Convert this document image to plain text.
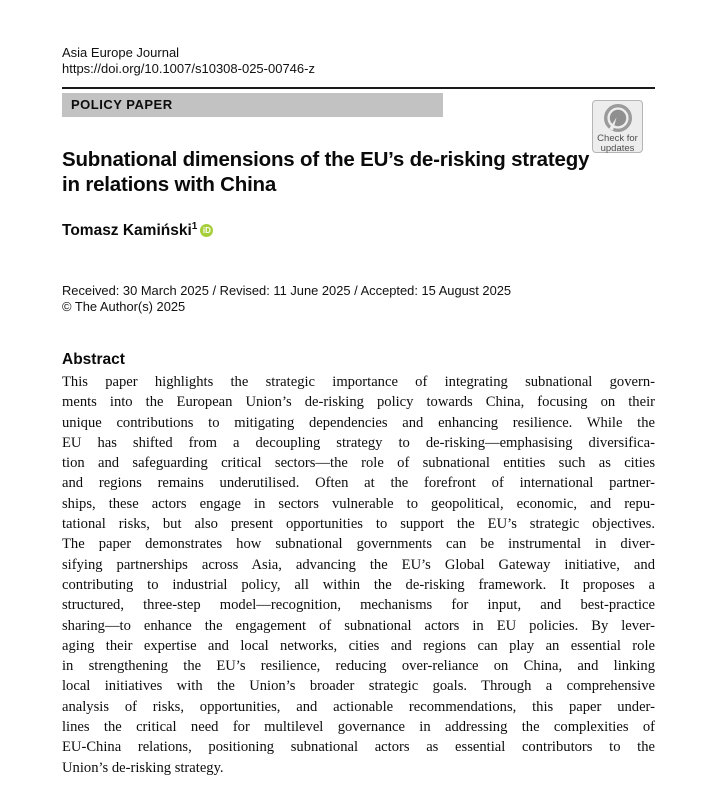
Asia Europe Journal
https://doi.org/10.1007/s10308-025-00746-z
POLICY PAPER
Check for
updates
Subnational dimensions of the EU’s de-risking strategy
in relations with China
Tomasz Kamiński$^1$ iD
Received: 30 March 2025 / Revised: 11 June 2025 / Accepted: 15 August 2025
© The Author(s) 2025
Abstract
This paper highlights the strategic importance of integrating subnational govern-
ments into the European Union’s de-risking policy towards China, focusing on their
unique contributions to mitigating dependencies and enhancing resilience. While the
EU has shifted from a decoupling strategy to de-risking—emphasising diversifica-
tion and safeguarding critical sectors—the role of subnational entities such as cities
and regions remains underutilised. Often at the forefront of international partner-
ships, these actors engage in sectors vulnerable to geopolitical, economic, and repu-
tational risks, but also present opportunities to support the EU’s strategic objectives.
The paper demonstrates how subnational governments can be instrumental in diver-
sifying partnerships across Asia, advancing the EU’s Global Gateway initiative, and
contributing to industrial policy, all within the de-risking framework. It proposes a
structured, three-step model—recognition, mechanisms for input, and best-practice
sharing—to enhance the engagement of subnational actors in EU policies. By lever-
aging their expertise and local networks, cities and regions can play an essential role
in strengthening the EU’s resilience, reducing over-reliance on China, and linking
local initiatives with the Union’s broader strategic goals. Through a comprehensive
analysis of risks, opportunities, and actionable recommendations, this paper under-
lines the critical need for multilevel governance in addressing the complexities of
EU-China relations, positioning subnational actors as essential contributors to the
Union’s de-risking strategy.
